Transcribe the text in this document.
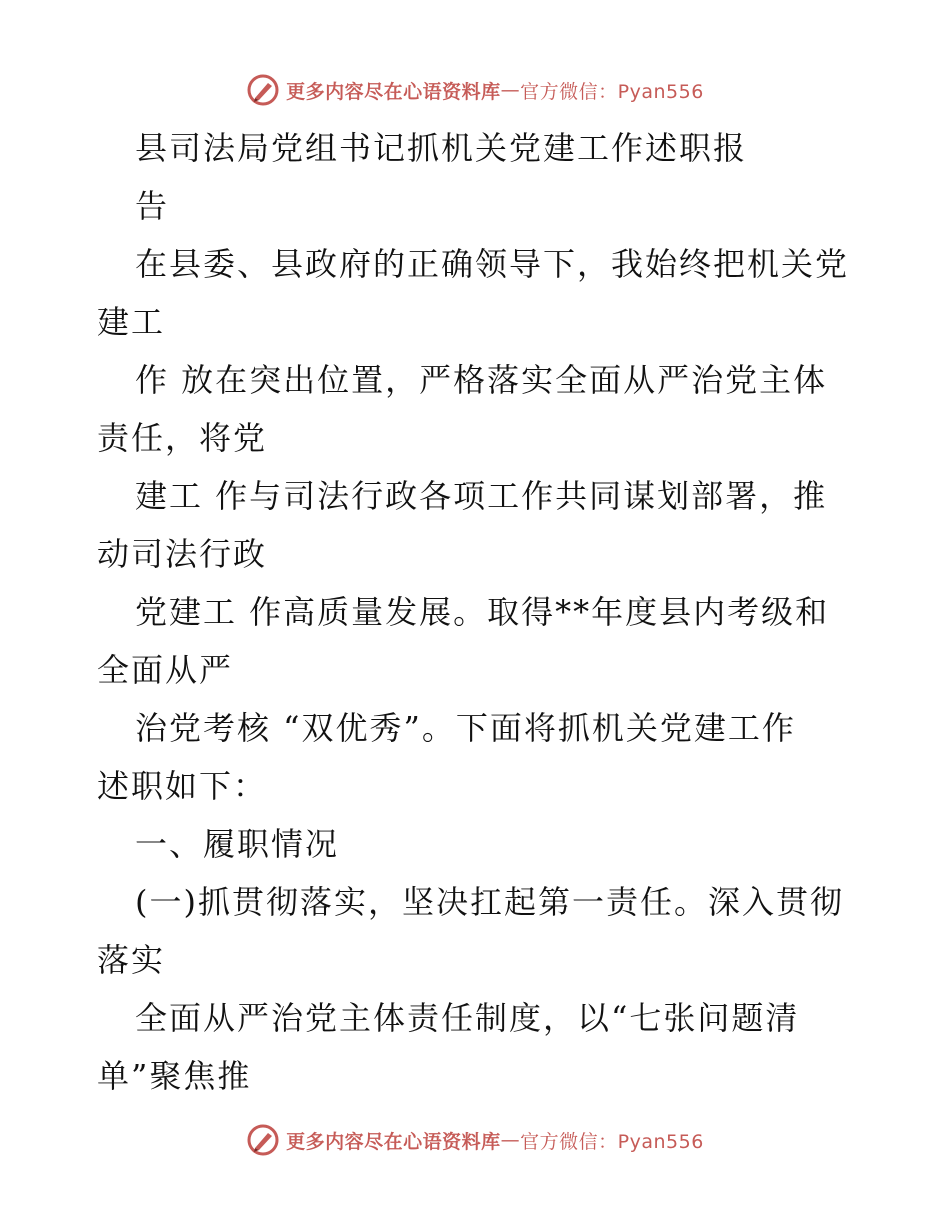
更多内容尽在心语资料库 — 官方微信：Pyan556

县司法局党组书记抓机关党建工作述职报

告

在县委、县政府的正确领导下，我始终把机关党

建工

作 放在突出位置，严格落实全面从严治党主体

责任，将党

建工 作与司法行政各项工作共同谋划部署，推

动司法行政

党建工 作高质量发展。取得**年度县内考级和

全面从严

治党考核 “双优秀”。下面将抓机关党建工作

述职如下：

一、履职情况

(一)抓贯彻落实，坚决扛起第一责任。深入贯彻

落实

全面从严治党主体责任制度，以“七张问题清

单”聚焦推

更多内容尽在心语资料库 — 官方微信：Pyan556
